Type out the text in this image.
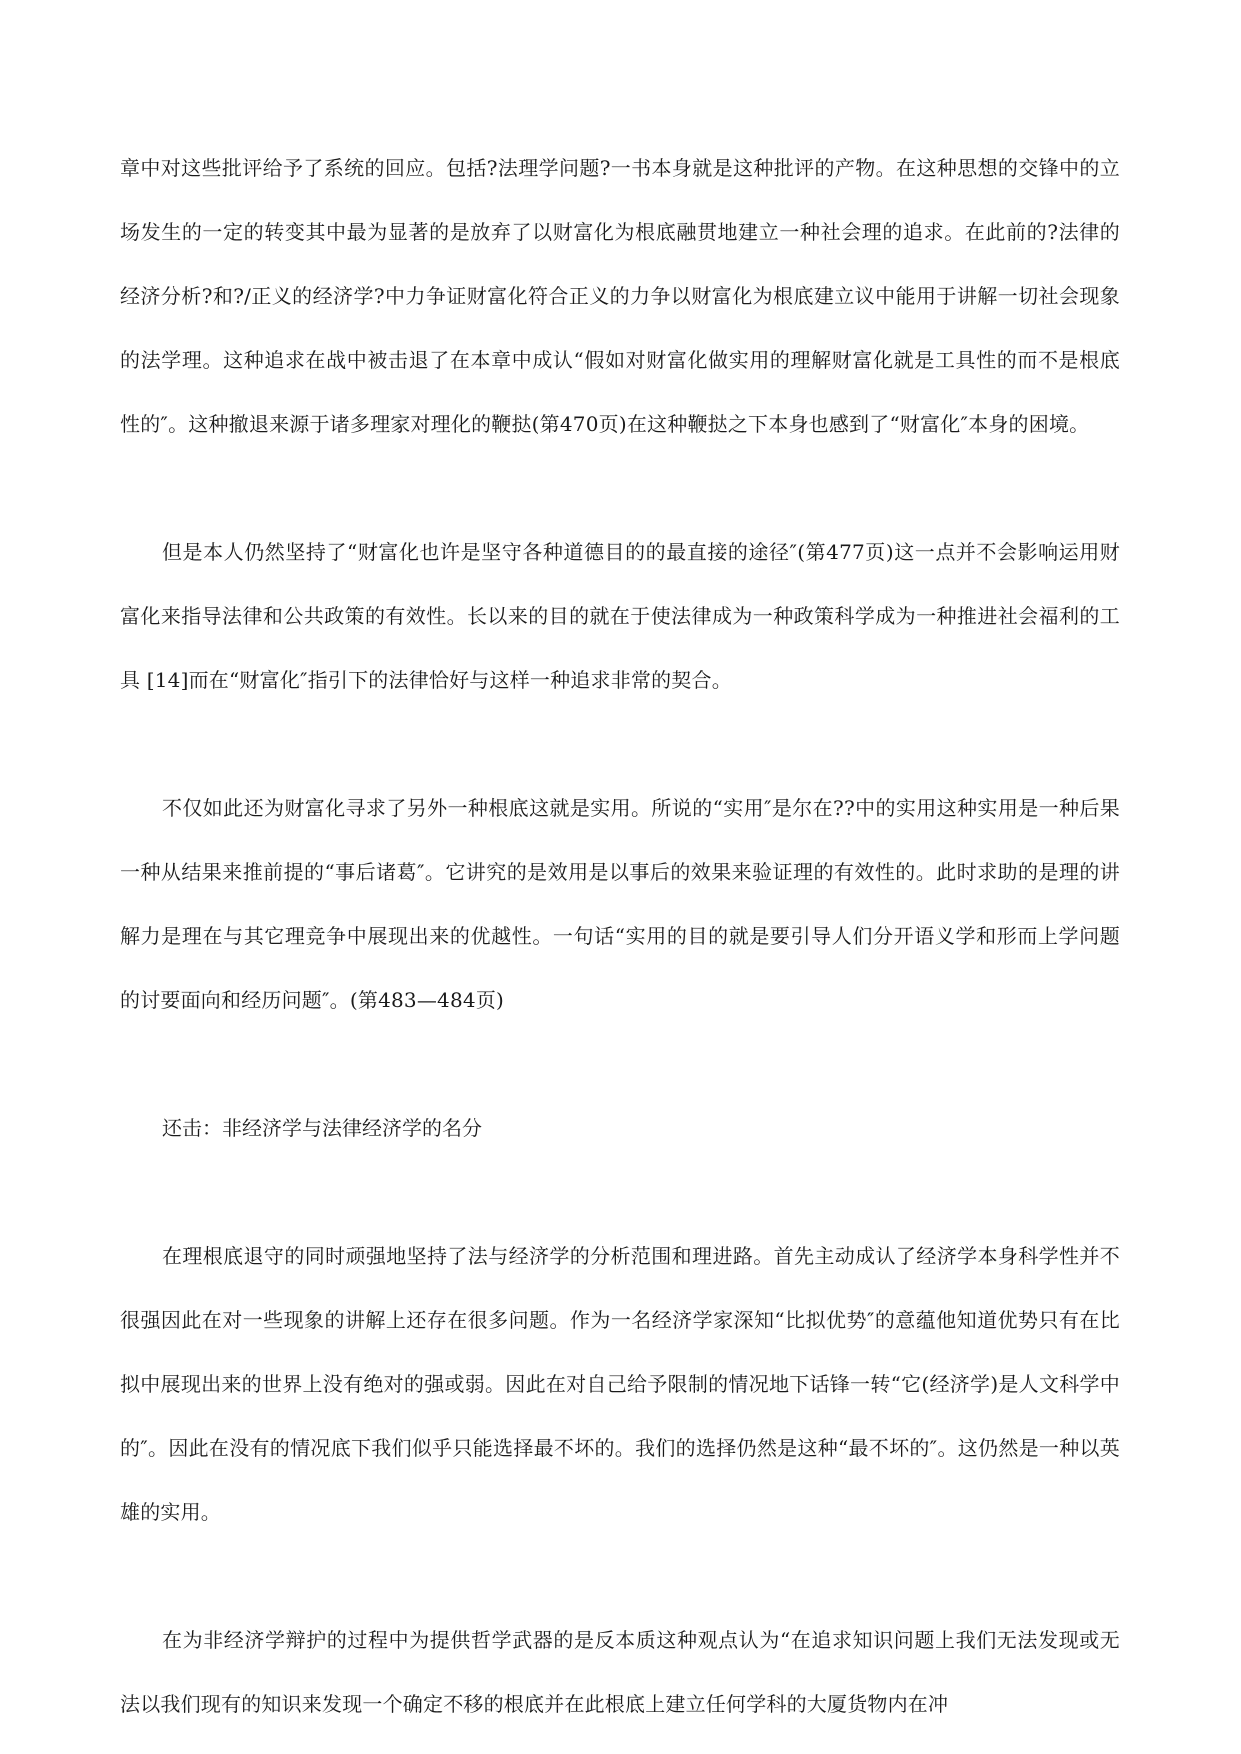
章中对这些批评给予了系统的回应。包括?法理学问题?一书本身就是这种批评的产物。在这种思想的交锋中的立场发生的一定的转变其中最为显著的是放弃了以财富化为根底融贯地建立一种社会理的追求。在此前的?法律的经济分析?和?/正义的经济学?中力争证财富化符合正义的力争以财富化为根底建立议中能用于讲解一切社会现象的法学理。这种追求在战中被击退了在本章中成认“假如对财富化做实用的理解财富化就是工具性的而不是根底性的″。这种撤退来源于诸多理家对理化的鞭挞(第470页)在这种鞭挞之下本身也感到了“财富化″本身的困境。

但是本人仍然坚持了“财富化也许是坚守各种道德目的的最直接的途径″(第477页)这一点并不会影响运用财富化来指导法律和公共政策的有效性。长以来的目的就在于使法律成为一种政策科学成为一种推进社会福利的工具 [14]而在“财富化″指引下的法律恰好与这样一种追求非常的契合。

不仅如此还为财富化寻求了另外一种根底这就是实用。所说的“实用″是尔在??中的实用这种实用是一种后果一种从结果来推前提的“事后诸葛″。它讲究的是效用是以事后的效果来验证理的有效性的。此时求助的是理的讲解力是理在与其它理竞争中展现出来的优越性。一句话“实用的目的就是要引导人们分开语义学和形而上学问题的讨要面向和经历问题″。(第483—484页)

还击：非经济学与法律经济学的名分

在理根底退守的同时顽强地坚持了法与经济学的分析范围和理进路。首先主动成认了经济学本身科学性并不很强因此在对一些现象的讲解上还存在很多问题。作为一名经济学家深知“比拟优势″的意蕴他知道优势只有在比拟中展现出来的世界上没有绝对的强或弱。因此在对自己给予限制的情况地下话锋一转“它(经济学)是人文科学中的″。因此在没有的情况底下我们似乎只能选择最不坏的。我们的选择仍然是这种“最不坏的″。这仍然是一种以英雄的实用。

在为非经济学辩护的过程中为提供哲学武器的是反本质这种观点认为“在追求知识问题上我们无法发现或无法以我们现有的知识来发现一个确定不移的根底并在此根底上建立任何学科的大厦货物内在冲
